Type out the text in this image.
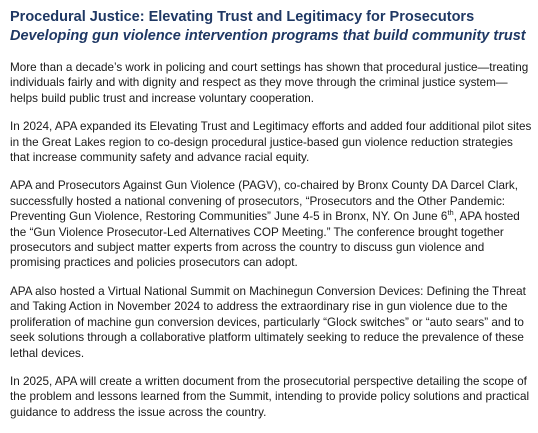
Procedural Justice: Elevating Trust and Legitimacy for Prosecutors
Developing gun violence intervention programs that build community trust

More than a decade’s work in policing and court settings has shown that procedural justice—treating individuals fairly and with dignity and respect as they move through the criminal justice system—helps build public trust and increase voluntary cooperation.

In 2024, APA expanded its Elevating Trust and Legitimacy efforts and added four additional pilot sites in the Great Lakes region to co-design procedural justice-based gun violence reduction strategies that increase community safety and advance racial equity.

APA and Prosecutors Against Gun Violence (PAGV), co-chaired by Bronx County DA Darcel Clark, successfully hosted a national convening of prosecutors, “Prosecutors and the Other Pandemic: Preventing Gun Violence, Restoring Communities” June 4-5 in Bronx, NY. On June 6th, APA hosted the “Gun Violence Prosecutor-Led Alternatives COP Meeting.” The conference brought together prosecutors and subject matter experts from across the country to discuss gun violence and promising practices and policies prosecutors can adopt.

APA also hosted a Virtual National Summit on Machinegun Conversion Devices: Defining the Threat and Taking Action in November 2024 to address the extraordinary rise in gun violence due to the proliferation of machine gun conversion devices, particularly “Glock switches” or “auto sears” and to seek solutions through a collaborative platform ultimately seeking to reduce the prevalence of these lethal devices.

In 2025, APA will create a written document from the prosecutorial perspective detailing the scope of the problem and lessons learned from the Summit, intending to provide policy solutions and practical guidance to address the issue across the country.
